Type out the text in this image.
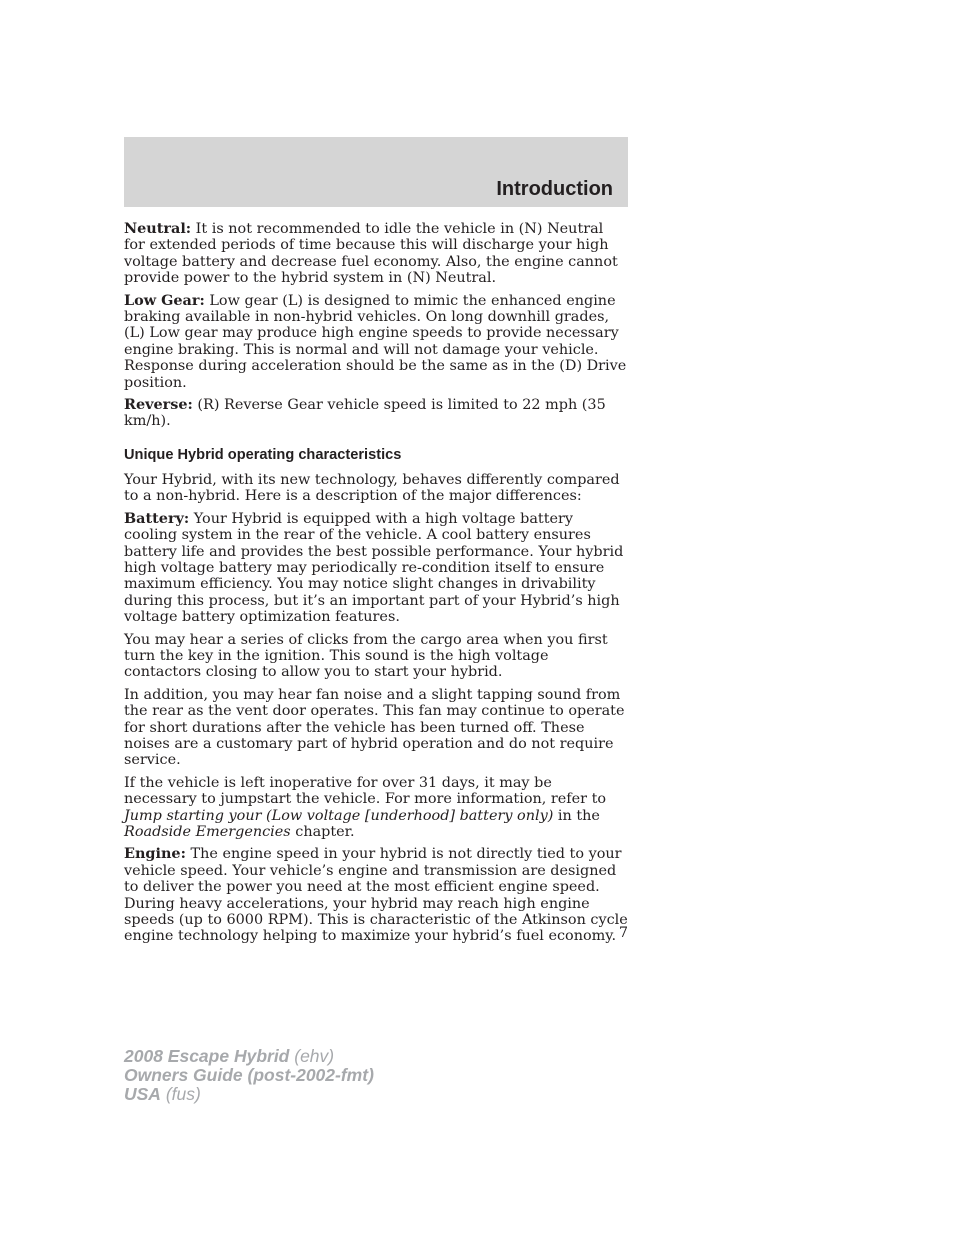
Introduction

Neutral: It is not recommended to idle the vehicle in (N) Neutral for extended periods of time because this will discharge your high voltage battery and decrease fuel economy. Also, the engine cannot provide power to the hybrid system in (N) Neutral.

Low Gear: Low gear (L) is designed to mimic the enhanced engine braking available in non-hybrid vehicles. On long downhill grades, (L) Low gear may produce high engine speeds to provide necessary engine braking. This is normal and will not damage your vehicle. Response during acceleration should be the same as in the (D) Drive position.

Reverse: (R) Reverse Gear vehicle speed is limited to 22 mph (35 km/h).

Unique Hybrid operating characteristics

Your Hybrid, with its new technology, behaves differently compared to a non-hybrid. Here is a description of the major differences:

Battery: Your Hybrid is equipped with a high voltage battery cooling system in the rear of the vehicle. A cool battery ensures battery life and provides the best possible performance. Your hybrid high voltage battery may periodically re-condition itself to ensure maximum efficiency. You may notice slight changes in drivability during this process, but it’s an important part of your Hybrid’s high voltage battery optimization features.

You may hear a series of clicks from the cargo area when you first turn the key in the ignition. This sound is the high voltage contactors closing to allow you to start your hybrid.

In addition, you may hear fan noise and a slight tapping sound from the rear as the vent door operates. This fan may continue to operate for short durations after the vehicle has been turned off. These noises are a customary part of hybrid operation and do not require service.

If the vehicle is left inoperative for over 31 days, it may be necessary to jumpstart the vehicle. For more information, refer to Jump starting your (Low voltage [underhood] battery only) in the Roadside Emergencies chapter.

Engine: The engine speed in your hybrid is not directly tied to your vehicle speed. Your vehicle’s engine and transmission are designed to deliver the power you need at the most efficient engine speed. During heavy accelerations, your hybrid may reach high engine speeds (up to 6000 RPM). This is characteristic of the Atkinson cycle engine technology helping to maximize your hybrid’s fuel economy. 7
2008 Escape Hybrid (ehv)
Owners Guide (post-2002-fmt)
USA (fus)
